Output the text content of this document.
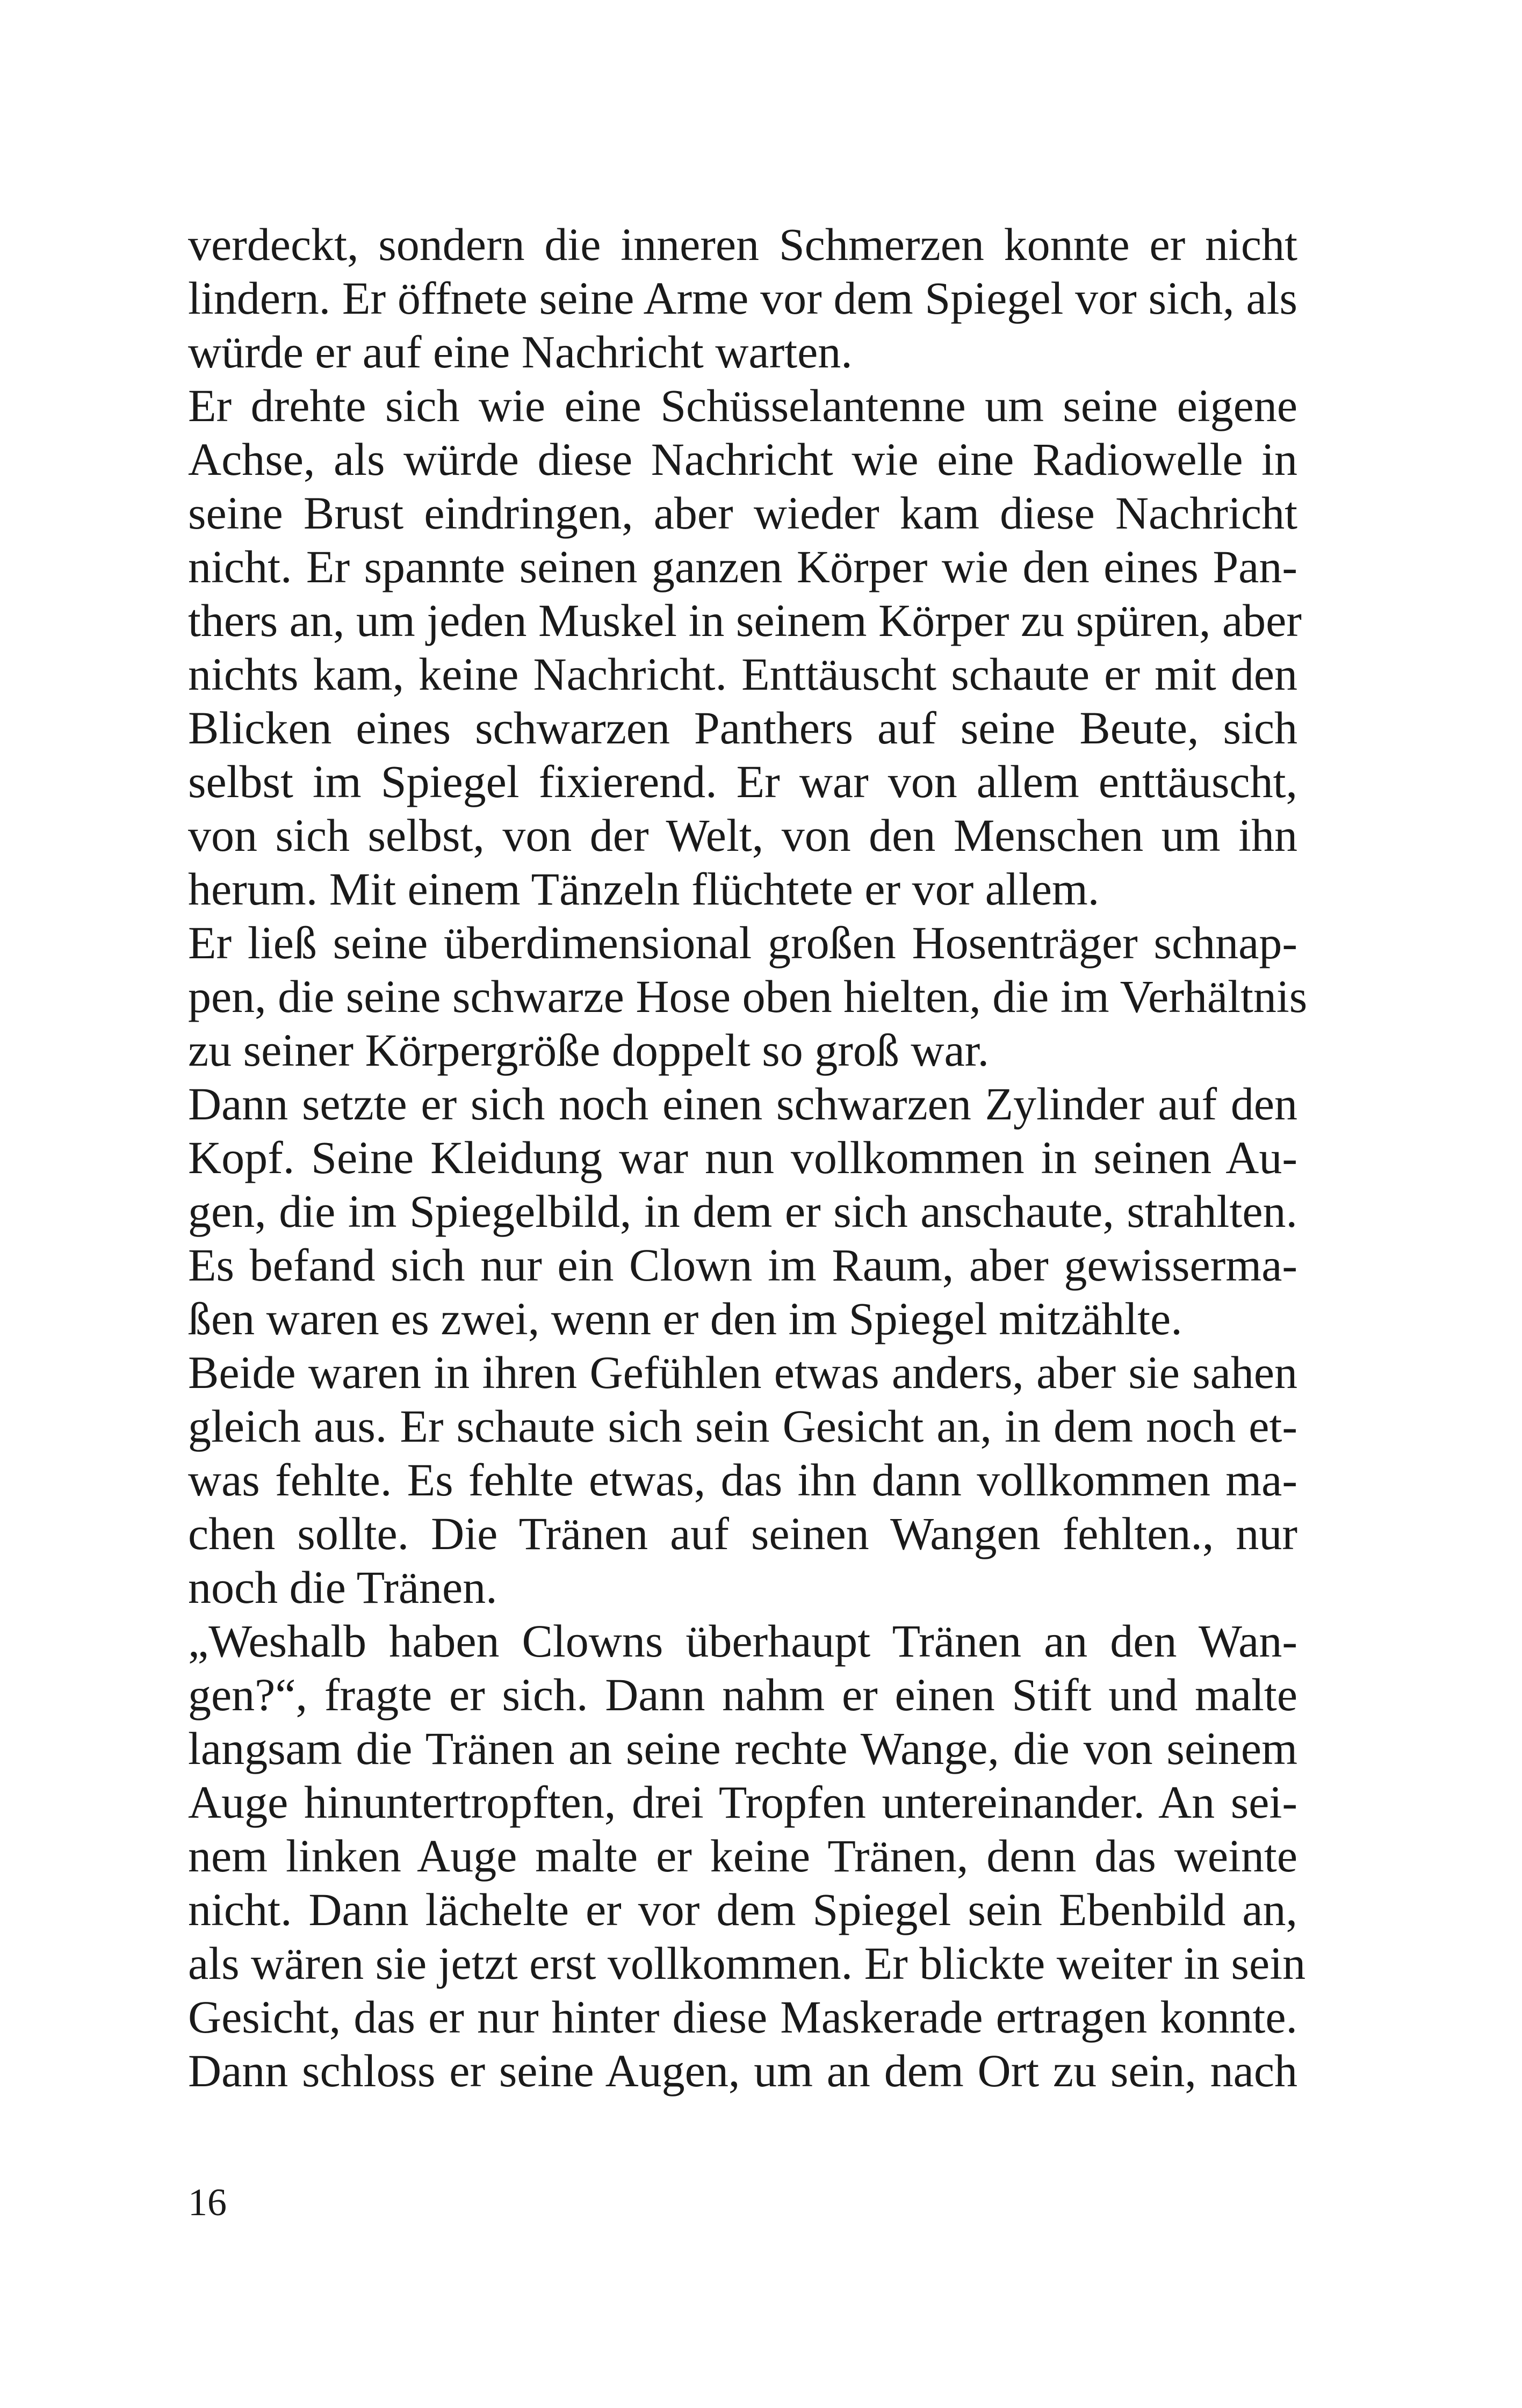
verdeckt, sondern die inneren Schmerzen konnte er nicht
lindern. Er öffnete seine Arme vor dem Spiegel vor sich, als
würde er auf eine Nachricht warten.
Er drehte sich wie eine Schüsselantenne um seine eigene
Achse, als würde diese Nachricht wie eine Radiowelle in
seine Brust eindringen, aber wieder kam diese Nachricht
nicht. Er spannte seinen ganzen Körper wie den eines Pan-
thers an, um jeden Muskel in seinem Körper zu spüren, aber
nichts kam, keine Nachricht. Enttäuscht schaute er mit den
Blicken eines schwarzen Panthers auf seine Beute, sich
selbst im Spiegel fixierend. Er war von allem enttäuscht,
von sich selbst, von der Welt, von den Menschen um ihn
herum. Mit einem Tänzeln flüchtete er vor allem.
Er ließ seine überdimensional großen Hosenträger schnap-
pen, die seine schwarze Hose oben hielten, die im Verhältnis
zu seiner Körpergröße doppelt so groß war.
Dann setzte er sich noch einen schwarzen Zylinder auf den
Kopf. Seine Kleidung war nun vollkommen in seinen Au-
gen, die im Spiegelbild, in dem er sich anschaute, strahlten.
Es befand sich nur ein Clown im Raum, aber gewisserma-
ßen waren es zwei, wenn er den im Spiegel mitzählte.
Beide waren in ihren Gefühlen etwas anders, aber sie sahen
gleich aus. Er schaute sich sein Gesicht an, in dem noch et-
was fehlte. Es fehlte etwas, das ihn dann vollkommen ma-
chen sollte. Die Tränen auf seinen Wangen fehlten., nur
noch die Tränen.
„Weshalb haben Clowns überhaupt Tränen an den Wan-
gen?“, fragte er sich. Dann nahm er einen Stift und malte
langsam die Tränen an seine rechte Wange, die von seinem
Auge hinuntertropften, drei Tropfen untereinander. An sei-
nem linken Auge malte er keine Tränen, denn das weinte
nicht. Dann lächelte er vor dem Spiegel sein Ebenbild an,
als wären sie jetzt erst vollkommen. Er blickte weiter in sein
Gesicht, das er nur hinter diese Maskerade ertragen konnte.
Dann schloss er seine Augen, um an dem Ort zu sein, nach
16
